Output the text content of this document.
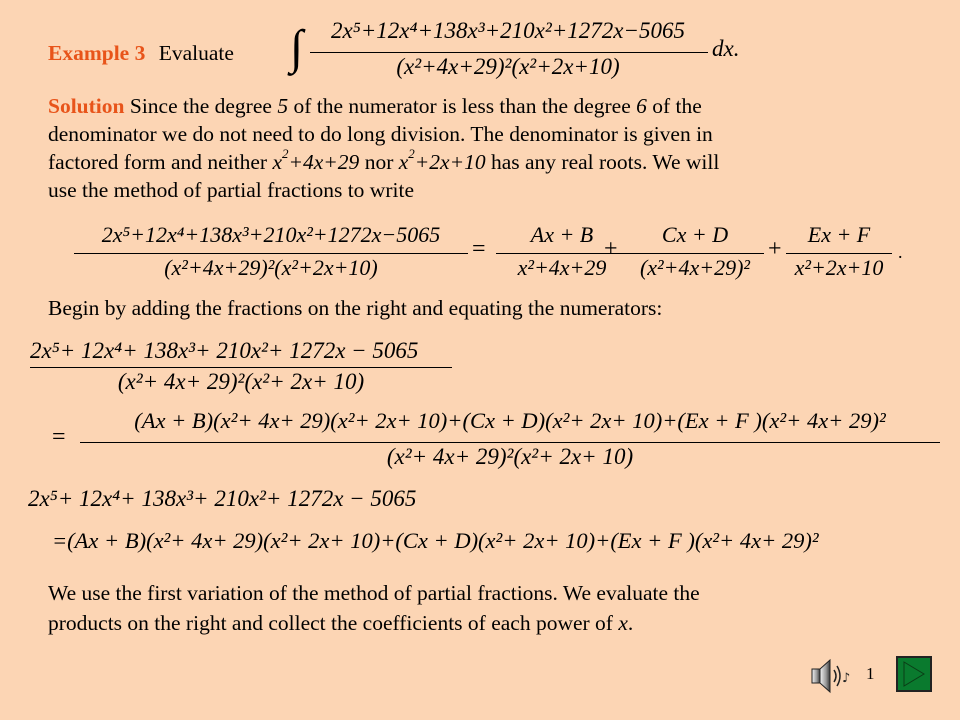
Example 3 Evaluate ∫	2x⁵+12x⁴+138x³+210x²+1272x−5065
(x²+4x+29)²(x²+2x+10)
dx.
Solution Since the degree 5 of the numerator is less than the degree 6 of the
denominator we do not need to do long division. The denominator is given in
factored form and neither $x^2+4x+29$ nor $x^2+2x+10$ has any real roots. We will
use the method of partial fractions to write
2x⁵+12x⁴+138x³+210x²+1272x−5065
(x²+4x+29)²(x²+2x+10)
=
Ax + B
x²+4x+29
+
Cx + D
(x²+4x+29)²
+
Ex + F
x²+2x+10
.
Begin by adding the fractions on the right and equating the numerators:
2x⁵+ 12x⁴+ 138x³+ 210x²+ 1272x − 5065
(x²+ 4x+ 29)²(x²+ 2x+ 10)
=
(Ax + B)(x²+ 4x+ 29)(x²+ 2x+ 10)+(Cx + D)(x²+ 2x+ 10)+(Ex + F )(x²+ 4x+ 29)²
(x²+ 4x+ 29)²(x²+ 2x+ 10)
2x⁵+ 12x⁴+ 138x³+ 210x²+ 1272x − 5065
=(Ax + B)(x²+ 4x+ 29)(x²+ 2x+ 10)+(Cx + D)(x²+ 2x+ 10)+(Ex + F )(x²+ 4x+ 29)²
We use the first variation of the method of partial fractions. We evaluate the
products on the right and collect the coefficients of each power of x.
♪ 1
